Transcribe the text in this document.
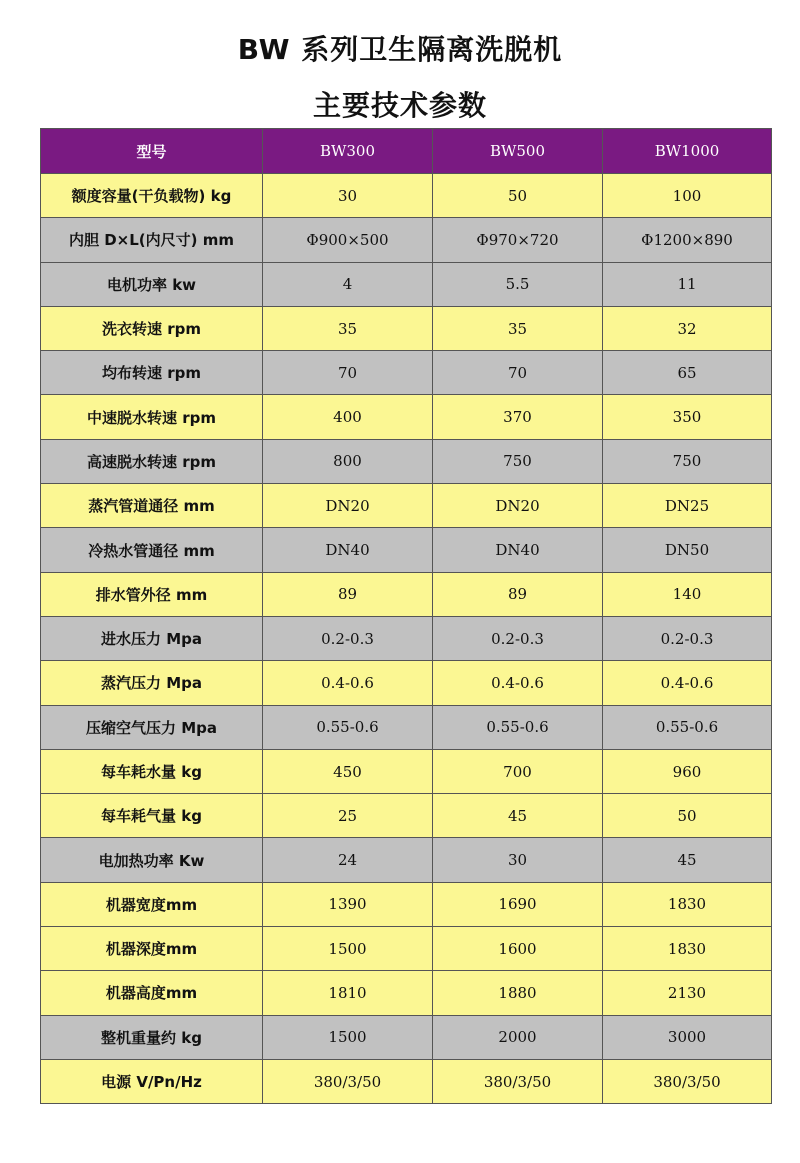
BW 系列卫生隔离洗脱机
主要技术参数
型号	BW300	BW500	BW1000
额度容量(干负载物) kg	30	50	100
内胆 D×L(内尺寸) mm	Φ900×500	Φ970×720	Φ1200×890
电机功率 kw	4	5.5	11
洗衣转速 rpm	35	35	32
均布转速 rpm	70	70	65
中速脱水转速 rpm	400	370	350
高速脱水转速 rpm	800	750	750
蒸汽管道通径 mm	DN20	DN20	DN25
冷热水管通径 mm	DN40	DN40	DN50
排水管外径 mm	89	89	140
进水压力 Mpa	0.2-0.3	0.2-0.3	0.2-0.3
蒸汽压力 Mpa	0.4-0.6	0.4-0.6	0.4-0.6
压缩空气压力 Mpa	0.55-0.6	0.55-0.6	0.55-0.6
每车耗水量 kg	450	700	960
每车耗气量 kg	25	45	50
电加热功率 Kw	24	30	45
机器宽度mm	1390	1690	1830
机器深度mm	1500	1600	1830
机器高度mm	1810	1880	2130
整机重量约 kg	1500	2000	3000
电源 V/Pn/Hz	380/3/50	380/3/50	380/3/50
